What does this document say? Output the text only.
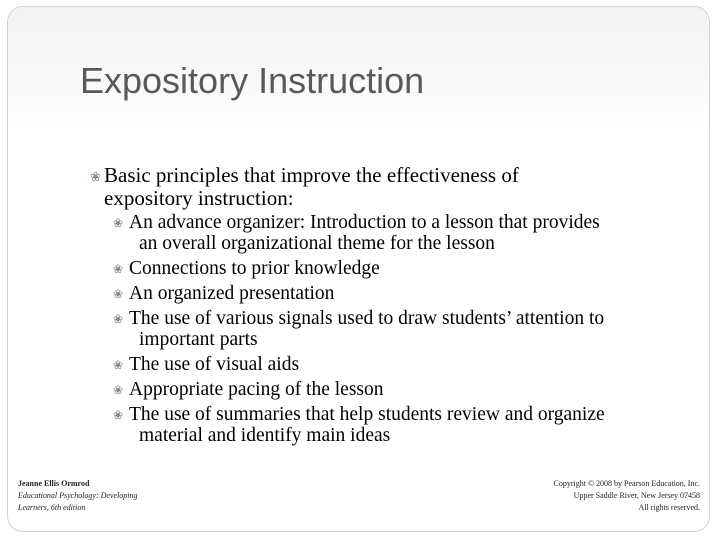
Expository Instruction
❀ Basic principles that improve the effectiveness of
expository instruction:
❀ An advance organizer: Introduction to a lesson that provides
an overall organizational theme for the lesson
❀ Connections to prior knowledge
❀ An organized presentation
❀ The use of various signals used to draw students’ attention to
important parts
❀ The use of visual aids
❀ Appropriate pacing of the lesson
❀ The use of summaries that help students review and organize
material and identify main ideas
Jeanne Ellis Ormrod
Educational Psychology: Developing
Learners, 6th edition
Copyright © 2008 by Pearson Education, Inc.
Upper Saddle River, New Jersey 07458
All rights reserved.
